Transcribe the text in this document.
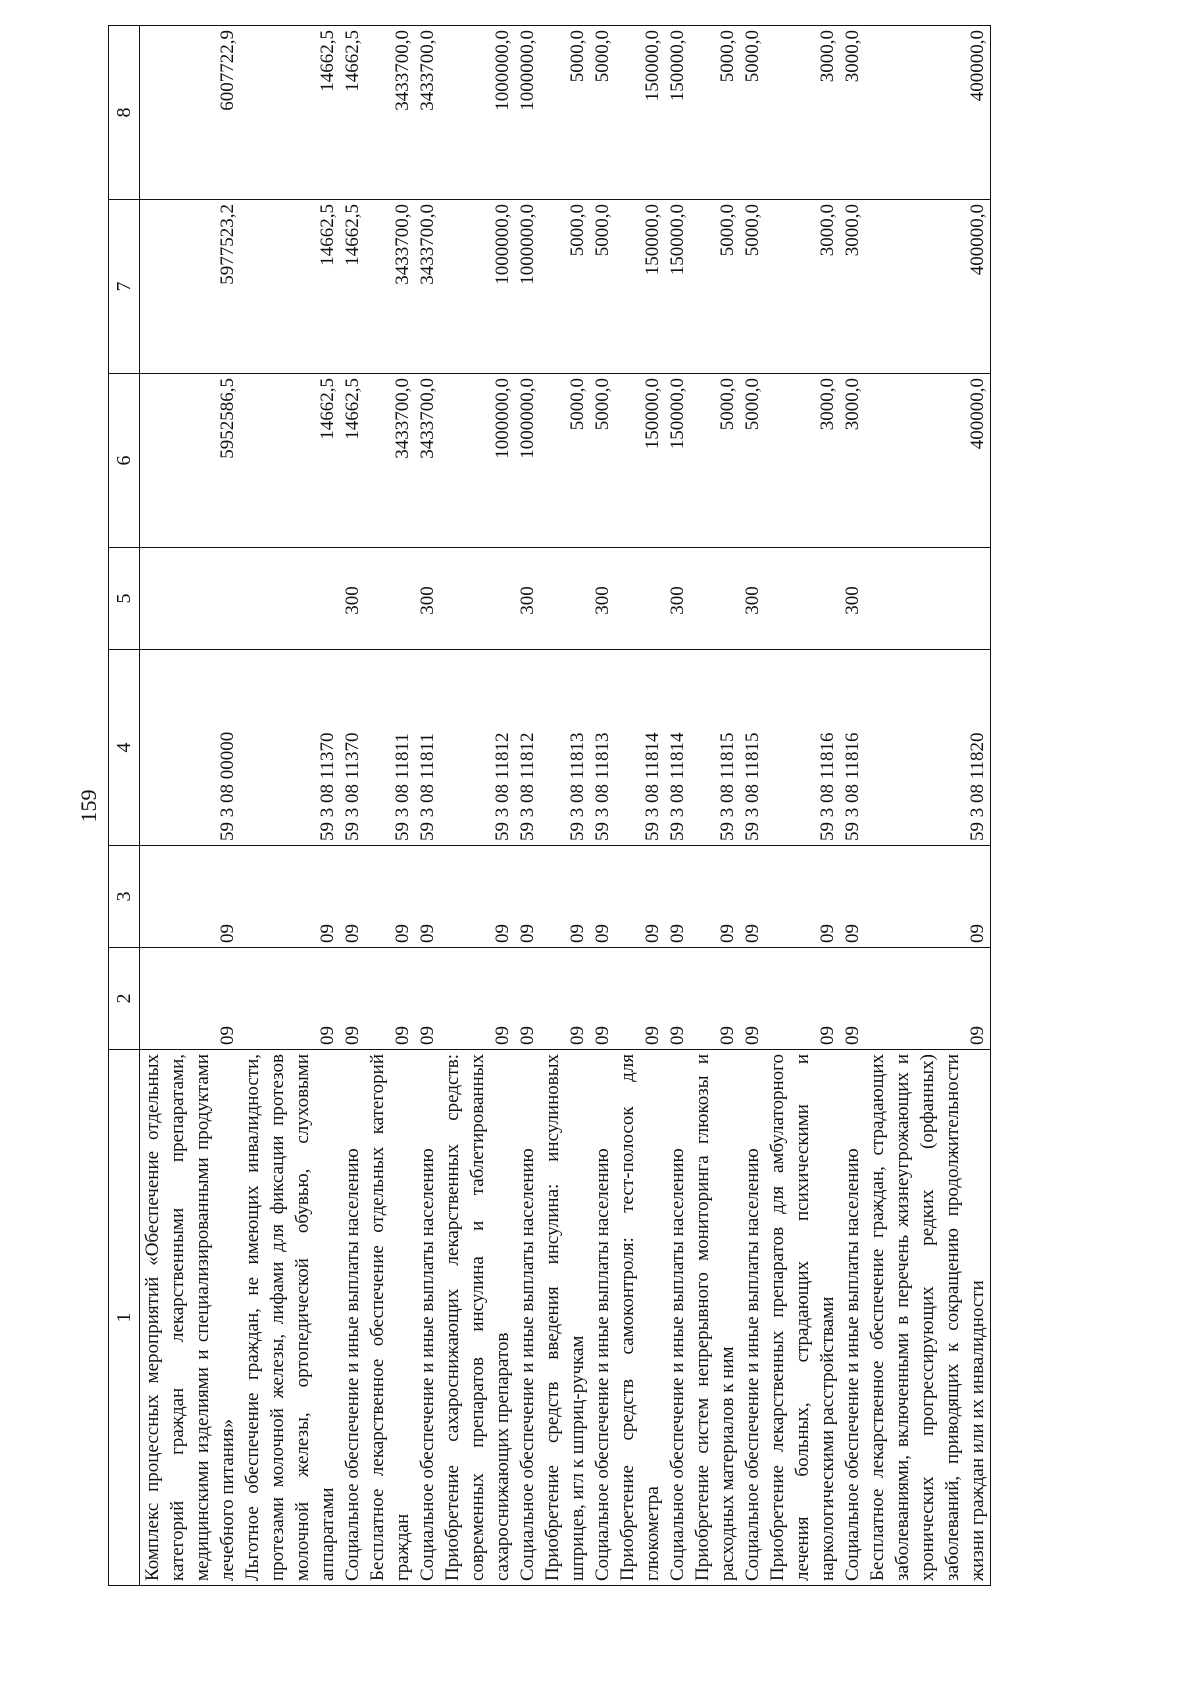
159
1	2	3	4	5	6	7	8
Комплекс процессных мероприятий «Обеспечение отдельных категорий граждан лекарственными препаратами, медицинскими изделиями и специализированными продуктами лечебного питания»	09	09	59 3 08 00000		5952586,5	5977523,2	6007722,9
Льготное обеспечение граждан, не имеющих инвалидности, протезами молочной железы, лифами для фиксации протезов молочной железы, ортопедической обувью, слуховыми аппаратами	09	09	59 3 08 11370		14662,5	14662,5	14662,5
Социальное обеспечение и иные выплаты населению	09	09	59 3 08 11370	300	14662,5	14662,5	14662,5
Бесплатное лекарственное обеспечение отдельных категорий граждан	09	09	59 3 08 11811		3433700,0	3433700,0	3433700,0
Социальное обеспечение и иные выплаты населению	09	09	59 3 08 11811	300	3433700,0	3433700,0	3433700,0
Приобретение сахароснижающих лекарственных средств: современных препаратов инсулина и таблетированных сахароснижающих препаратов	09	09	59 3 08 11812		1000000,0	1000000,0	1000000,0
Социальное обеспечение и иные выплаты населению	09	09	59 3 08 11812	300	1000000,0	1000000,0	1000000,0
Приобретение средств введения инсулина: инсулиновых шприцев, игл к шприц-ручкам	09	09	59 3 08 11813		5000,0	5000,0	5000,0
Социальное обеспечение и иные выплаты населению	09	09	59 3 08 11813	300	5000,0	5000,0	5000,0
Приобретение средств самоконтроля: тест-полосок для глюкометра	09	09	59 3 08 11814		150000,0	150000,0	150000,0
Социальное обеспечение и иные выплаты населению	09	09	59 3 08 11814	300	150000,0	150000,0	150000,0
Приобретение систем непрерывного мониторинга глюкозы и расходных материалов к ним	09	09	59 3 08 11815		5000,0	5000,0	5000,0
Социальное обеспечение и иные выплаты населению	09	09	59 3 08 11815	300	5000,0	5000,0	5000,0
Приобретение лекарственных препаратов для амбулаторного лечения больных, страдающих психическими и наркологическими расстройствами	09	09	59 3 08 11816		3000,0	3000,0	3000,0
Социальное обеспечение и иные выплаты населению	09	09	59 3 08 11816	300	3000,0	3000,0	3000,0
Бесплатное лекарственное обеспечение граждан, страдающих заболеваниями, включенными в перечень жизнеугрожающих и хронических прогрессирующих редких (орфанных) заболеваний, приводящих к сокращению продолжительности жизни граждан или их инвалидности	09	09	59 3 08 11820		400000,0	400000,0	400000,0
